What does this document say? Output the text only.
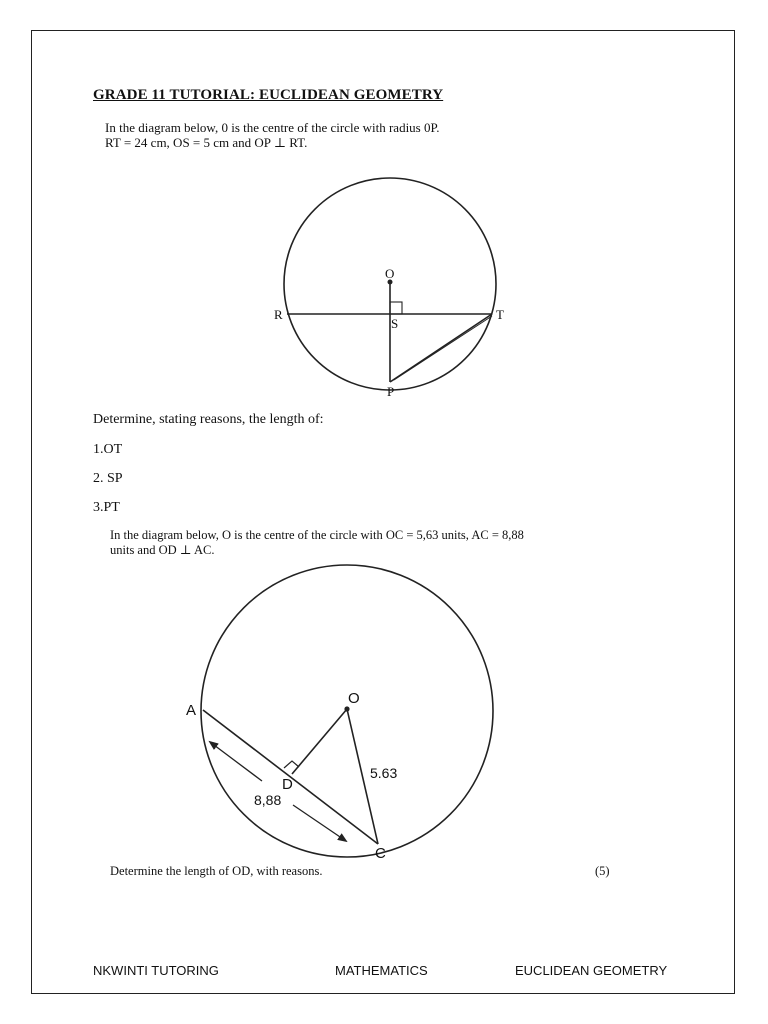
GRADE 11 TUTORIAL: EUCLIDEAN GEOMETRY
In the diagram below, 0 is the centre of the circle with radius 0P.
RT = 24 cm, OS = 5 cm and OP ⊥ RT.
O
R
S
T
P
Determine, stating reasons, the length of:
1.OT
2. SP
3.PT
In the diagram below, O is the centre of the circle with OC = 5,63 units, AC = 8,88
units and OD ⊥ AC.
A
O
D
C
5.63
8,88
Determine the length of OD, with reasons.	(5)
NKWINTI TUTORING	MATHEMATICS	EUCLIDEAN GEOMETRY
